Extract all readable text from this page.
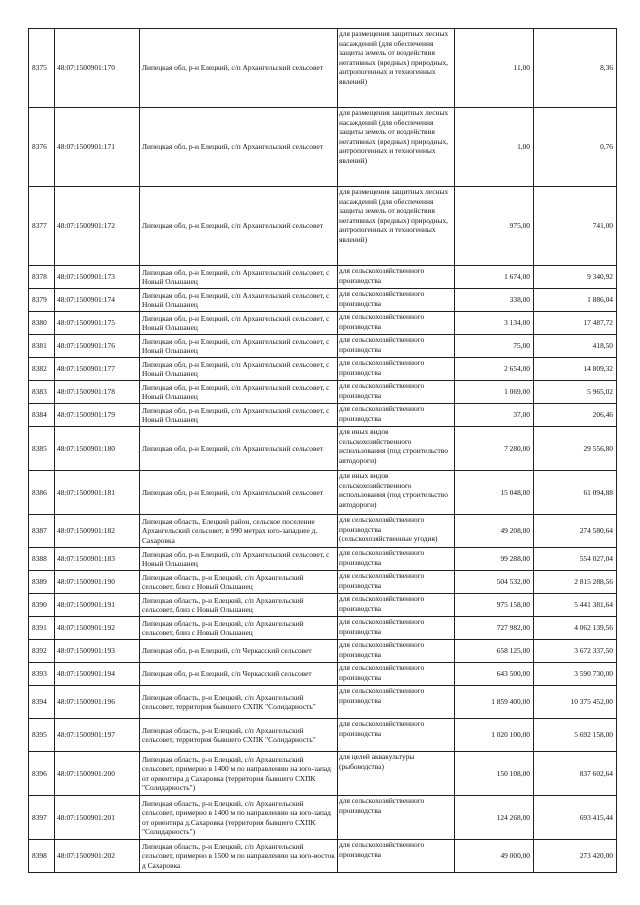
8375	48:07:1500901:170	Липецкая обл, р-н Елецкий, с/п Архангельский сельсовет	для размещения защитных лесных насаждений (для обеспечения защиты земель от воздействия негативных (вредных) природных, антропогенных и техногенных явлений)	11,00	8,36
8376	48:07:1500901:171	Липецкая обл, р-н Елецкий, с/п Архангельский сельсовет	для размещения защитных лесных насаждений (для обеспечения защиты земель от воздействия негативных (вредных) природных, антропогенных и техногенных явлений)	1,00	0,76
8377	48:07:1500901:172	Липецкая обл, р-н Елецкий, с/п Архангельский сельсовет	для размещения защитных лесных насаждений (для обеспечения защиты земель от воздействия негативных (вредных) природных, антропогенных и техногенных явлений)	975,00	741,00
8378	48:07:1500901:173	Липецкая обл, р-н Елецкий, с/п Архангельский сельсовет, с Новый Ольшанец	для сельскохозяйственного производства	1 674,00	9 340,92
8379	48:07:1500901:174	Липецкая обл, р-н Елецкий, с/п Алхангельский сельсовет, с Новый Ольшанец	для сельскохозяйственного производства	338,00	1 886,04
8380	48:07:1500901:175	Липецкая обл, р-н Елецкий, с/п Архангельский сельсовет, с Новый Ольшанец	для сельскохозяйственного производства	3 134,00	17 487,72
8381	48:07:1500901:176	Липецкая обл, р-н Елецкий, с/п Архангельский сельсовет, с Новый Ольшанец	для сельскохозяйственного производства	75,00	418,50
8382	48:07:1500901:177	Липецкая обл, р-н Елецкий, с/п Архангельский сельсовет, с Новый Ольшанец	для сельскохозяйственного производства	2 654,00	14 809,32
8383	48:07:1500901:178	Липецкая обл, р-н Елецкий, с/п Архангельский сельсовет, с Новый Ольшанец	для сельскохозяйственного производства	1 069,00	5 965,02
8384	48:07:1500901:179	Липецкая обл, р-н Елецкий, с/п Архангельский сельсовет, с Новый Ольшанец	для сельскохозяйственного производства	37,00	206,46
8385	48:07:1500901:180	Липецкая обл, р-н Елецкий, с/п Архангельский сельсовет	для иных видов сельскохозяйственного использования (под строительство автодороги)	7 280,00	29 556,80
8386	48:07:1500901:181	Липецкая обл, р-н Елецкий, с/п Архангельский сельсовет	для иных видов сельскохозяйственного использования (под строительство автодороги)	15 048,00	61 094,88
8387	48:07:1500901:182	Липецкая область, Елецкий район, сельское поселение Архангельский сельсовет, в 990 метрах юго-западнее д. Сахаровка	для сельскохозяйственного производства (сельскохозяйственные угодия)	49 208,00	274 580,64
8388	48:07:1500901:183	Липецкая обл, р-н Елецкий, с/п Архангельский сельсовет, с Новый Ольшанец	для сельскохозяйственного производства	99 288,00	554 027,04
8389	48:07:1500901:190	Липецкая область, р-н Елецкий, с/п Архангельский сельсовет, близ с Новый Ольшанец	для сельскохозяйственного производства	504 532,00	2 815 288,56
8390	48:07:1500901:191	Липецкая область, р-н Елецкий, с/п Архангельский сельсовет, близ с Новый Ольшанец	для сельскохозяйственного производства	975 158,00	5 441 381,64
8391	48:07:1500901:192	Липецкая область, р-н Елецкий, с/п Архангельский сельсовет, близ с Новый Ольшанец	для сельскохозяйственного производства	727 982,00	4 062 139,56
8392	48:07:1500901:193	Липецкая обл, р-н Елецкий, с/п Черкасский сельсовет	для сельскохозяйственного производства	658 125,00	3 672 337,50
8393	48:07:1500901:194	Липецкая обл, р-н Елецкий, с/п Черкасский сельсовет	для сельскохозяйственного производства	643 500,00	3 590 730,00
8394	48:07:1500901:196	Липецкая область, р-н Елецкий, с/п Архангельский сельсовет, территория бывшего СХПК "Солидарность"	для сельскохозяйственного производства	1 859 400,00	10 375 452,00
8395	48:07:1500901:197	Липецкая область, р-н Елецкий, с/п Архангельский сельсовет, территория бывшего СХПК "Солидарность"	для сельскохозяйственного производства	1 020 100,00	5 692 158,00
8396	48:07:1500901:200	Липецкая область, р-н Елецкий, с/п Архангельский сельсовет, примерно в 1400 м по направлению на юго-запад от ориентира д Сахаровка (территория бывшего СХПК "Солидарность")	для целей аквакультуры (рыбоводства)	150 108,00	837 602,64
8397	48:07:1500901:201	Липецкая область, р-н Елецкий, с/п Архангельский сельсовет, примерно в 1400 м по направлению на юго-запад от ориентира д.Сахаровка (территория бывшего СХПК "Солидарность")	для сельскохозяйственного производства	124 268,00	693 415,44
8398	48:07:1500901:202	Липецкая область, р-н Елецкий, с/п Архангельский сельсовет, примерно в 1500 м по направлению на юго-восток д Сахаровка	для сельскохозяйственного производства	49 000,00	273 420,00
